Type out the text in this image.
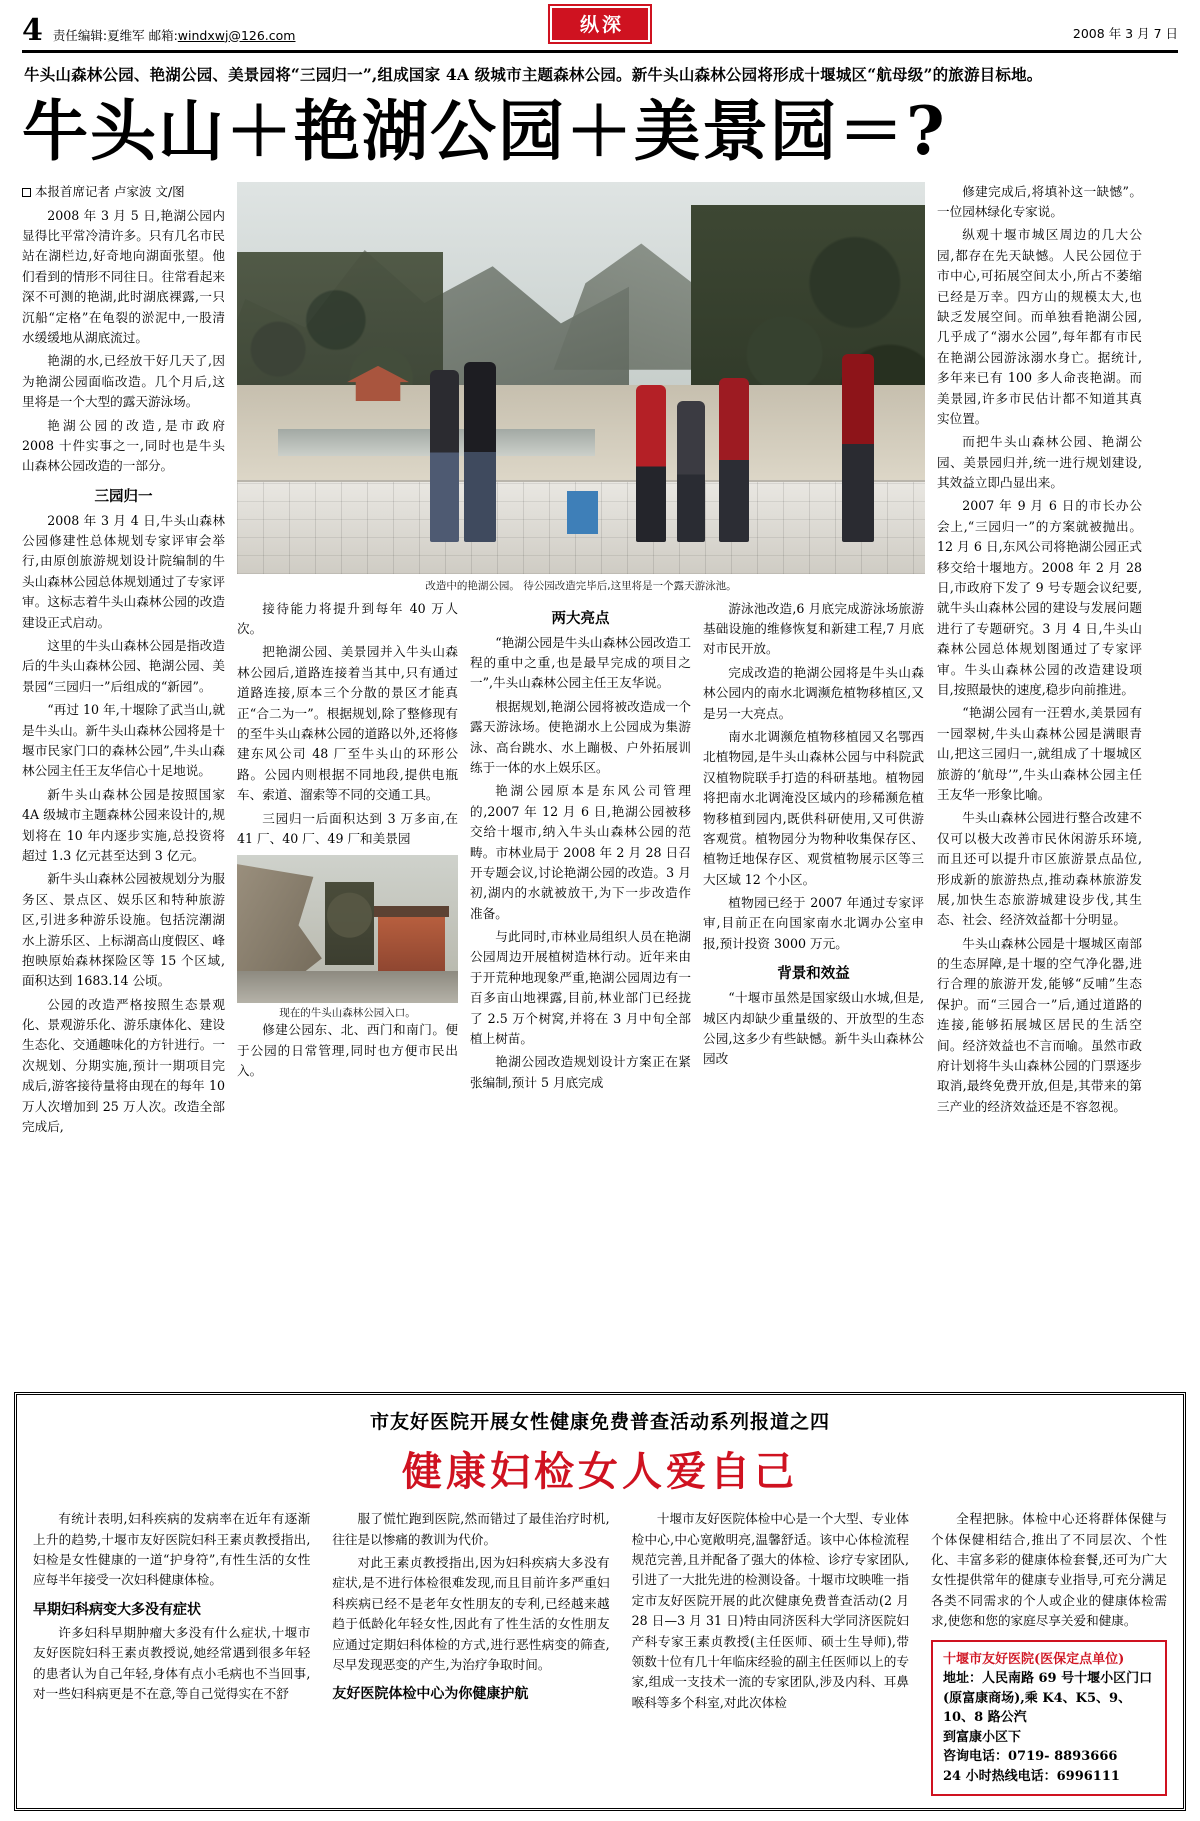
4 责任编辑:夏维军 邮箱:windxwj@126.com	纵深	2008 年 3 月 7 日
牛头山森林公园、艳湖公园、美景园将“三园归一”,组成国家 4A 级城市主题森林公园。新牛头山森林公园将形成十堰城区“航母级”的旅游目标地。
牛头山＋艳湖公园＋美景园＝?
本报首席记者 卢家波 文/图

2008 年 3 月 5 日,艳湖公园内显得比平常冷清许多。只有几名市民站在湖栏边,好奇地向湖面张望。他们看到的情形不同往日。往常看起来深不可测的艳湖,此时湖底裸露,一只沉船“定格”在龟裂的淤泥中,一股清水缓缓地从湖底流过。

艳湖的水,已经放干好几天了,因为艳湖公园面临改造。几个月后,这里将是一个大型的露天游泳场。

艳湖公园的改造,是市政府 2008 十件实事之一,同时也是牛头山森林公园改造的一部分。

三园归一

2008 年 3 月 4 日,牛头山森林公园修建性总体规划专家评审会举行,由原创旅游规划设计院编制的牛头山森林公园总体规划通过了专家评审。这标志着牛头山森林公园的改造建设正式启动。

这里的牛头山森林公园是指改造后的牛头山森林公园、艳湖公园、美景园“三园归一”后组成的“新园”。

“再过 10 年,十堰除了武当山,就是牛头山。新牛头山森林公园将是十堰市民家门口的森林公园”,牛头山森林公园主任王友华信心十足地说。

新牛头山森林公园是按照国家 4A 级城市主题森林公园来设计的,规划将在 10 年内逐步实施,总投资将超过 1.3 亿元甚至达到 3 亿元。

新牛头山森林公园被规划分为服务区、景点区、娱乐区和特种旅游区,引进多种游乐设施。包括浣潮湖水上游乐区、上标湖高山度假区、峰抱映原始森林探险区等 15 个区域,面积达到 1683.14 公顷。

公园的改造严格按照生态景观化、景观游乐化、游乐康体化、建设生态化、交通趣味化的方针进行。一次规划、分期实施,预计一期项目完成后,游客接待量将由现在的每年 10 万人次增加到 25 万人次。改造全部完成后,

改造中的艳湖公园。 待公园改造完毕后,这里将是一个露天游泳池。

接待能力将提升到每年 40 万人次。

把艳湖公园、美景园并入牛头山森林公园后,道路连接着当其中,只有通过道路连接,原本三个分散的景区才能真正“合二为一”。根据规划,除了整修现有的至牛头山森林公园的道路以外,还将修建东风公司 48 厂至牛头山的环形公路。公园内则根据不同地段,提供电瓶车、索道、溜索等不同的交通工具。

三园归一后面积达到 3 万多亩,在 41 厂、40 厂、49 厂和美景园

现在的牛头山森林公园入口。

修建公园东、北、西门和南门。便于公园的日常管理,同时也方便市民出入。

两大亮点

“艳湖公园是牛头山森林公园改造工程的重中之重,也是最早完成的项目之一”,牛头山森林公园主任王友华说。

根据规划,艳湖公园将被改造成一个露天游泳场。使艳湖水上公园成为集游泳、高台跳水、水上蹦极、户外拓展训练于一体的水上娱乐区。

艳湖公园原本是东风公司管理的,2007 年 12 月 6 日,艳湖公园被移交给十堰市,纳入牛头山森林公园的范畴。市林业局于 2008 年 2 月 28 日召开专题会议,讨论艳湖公园的改造。3 月初,湖内的水就被放干,为下一步改造作准备。

与此同时,市林业局组织人员在艳湖公园周边开展植树造林行动。近年来由于开荒种地现象严重,艳湖公园周边有一百多亩山地裸露,目前,林业部门已经拢了 2.5 万个树窝,并将在 3 月中旬全部植上树苗。

艳湖公园改造规划设计方案正在紧张编制,预计 5 月底完成

游泳池改造,6 月底完成游泳场旅游基础设施的维修恢复和新建工程,7 月底对市民开放。

完成改造的艳湖公园将是牛头山森林公园内的南水北调濒危植物移植区,又是另一大亮点。

南水北调濒危植物移植园又名鄂西北植物园,是牛头山森林公园与中科院武汉植物院联手打造的科研基地。植物园将把南水北调淹没区域内的珍稀濒危植物移植到园内,既供科研使用,又可供游客观赏。植物园分为物种收集保存区、植物迁地保存区、观赏植物展示区等三大区域 12 个小区。

植物园已经于 2007 年通过专家评审,目前正在向国家南水北调办公室申报,预计投资 3000 万元。

背景和效益

“十堰市虽然是国家级山水城,但是,城区内却缺少重量级的、开放型的生态公园,这多少有些缺憾。新牛头山森林公园改

修建完成后,将填补这一缺憾”。一位园林绿化专家说。

纵观十堰市城区周边的几大公园,都存在先天缺憾。人民公园位于市中心,可拓展空间太小,所占不萎缩已经是万幸。四方山的规模太大,也缺乏发展空间。而单独看艳湖公园,几乎成了“溺水公园”,每年都有市民在艳湖公园游泳溺水身亡。据统计,多年来已有 100 多人命丧艳湖。而美景园,许多市民估计都不知道其真实位置。

而把牛头山森林公园、艳湖公园、美景园归并,统一进行规划建设,其效益立即凸显出来。

2007 年 9 月 6 日的市长办公会上,“三园归一”的方案就被抛出。12 月 6 日,东风公司将艳湖公园正式移交给十堰地方。2008 年 2 月 28 日,市政府下发了 9 号专题会议纪要,就牛头山森林公园的建设与发展问题进行了专题研究。3 月 4 日,牛头山森林公园总体规划图通过了专家评审。牛头山森林公园的改造建设项目,按照最快的速度,稳步向前推进。

“艳湖公园有一汪碧水,美景园有一园翠树,牛头山森林公园是满眼青山,把这三园归一,就组成了十堰城区旅游的‘航母’”,牛头山森林公园主任王友华一形象比喻。

牛头山森林公园进行整合改建不仅可以极大改善市民休闲游乐环境,而且还可以提升市区旅游景点品位,形成新的旅游热点,推动森林旅游发展,加快生态旅游城建设步伐,其生态、社会、经济效益都十分明显。

牛头山森林公园是十堰城区南部的生态屏障,是十堰的空气净化器,进行合理的旅游开发,能够“反哺”生态保护。而“三园合一”后,通过道路的连接,能够拓展城区居民的生活空间。经济效益也不言而喻。虽然市政府计划将牛头山森林公园的门票逐步取消,最终免费开放,但是,其带来的第三产业的经济效益还是不容忽视。

市友好医院开展女性健康免费普查活动系列报道之四
健康妇检女人爱自己

有统计表明,妇科疾病的发病率在近年有逐渐上升的趋势,十堰市友好医院妇科王素贞教授指出,妇检是女性健康的一道“护身符”,有性生活的女性应每半年接受一次妇科健康体检。

早期妇科病变大多没有症状

许多妇科早期肿瘤大多没有什么症状,十堰市友好医院妇科王素贞教授说,她经常遇到很多年轻的患者认为自己年轻,身体有点小毛病也不当回事,对一些妇科病更是不在意,等自己觉得实在不舒

服了慌忙跑到医院,然而错过了最佳治疗时机,往往是以惨痛的教训为代价。

对此王素贞教授指出,因为妇科疾病大多没有症状,是不进行体检很难发现,而且目前许多严重妇科疾病已经不是老年女性朋友的专利,已经越来越趋于低龄化年轻女性,因此有了性生活的女性朋友应通过定期妇科体检的方式,进行恶性病变的筛查,尽早发现恶变的产生,为治疗争取时间。

友好医院体检中心为你健康护航

十堰市友好医院体检中心是一个大型、专业体检中心,中心宽敞明亮,温馨舒适。该中心体检流程规范完善,且并配备了强大的体检、诊疗专家团队,引进了一大批先进的检测设备。十堰市坟映唯一指定市友好医院开展的此次健康免费普查活动(2 月 28 日—3 月 31 日)特由同济医科大学同济医院妇产科专家王素贞教授(主任医师、硕士生导师),带领数十位有几十年临床经验的副主任医师以上的专家,组成一支技术一流的专家团队,涉及内科、耳鼻喉科等多个科室,对此次体检

全程把脉。体检中心还将群体保健与个体保健相结合,推出了不同层次、个性化、丰富多彩的健康体检套餐,还可为广大女性提供常年的健康专业指导,可充分满足各类不同需求的个人或企业的健康体检需求,使您和您的家庭尽享关爱和健康。

十堰市友好医院(医保定点单位)
地址：人民南路 69 号十堰小区门口
(原富康商场),乘 K4、K5、9、10、8 路公汽
到富康小区下
咨询电话：0719- 8893666
24 小时热线电话：6996111
